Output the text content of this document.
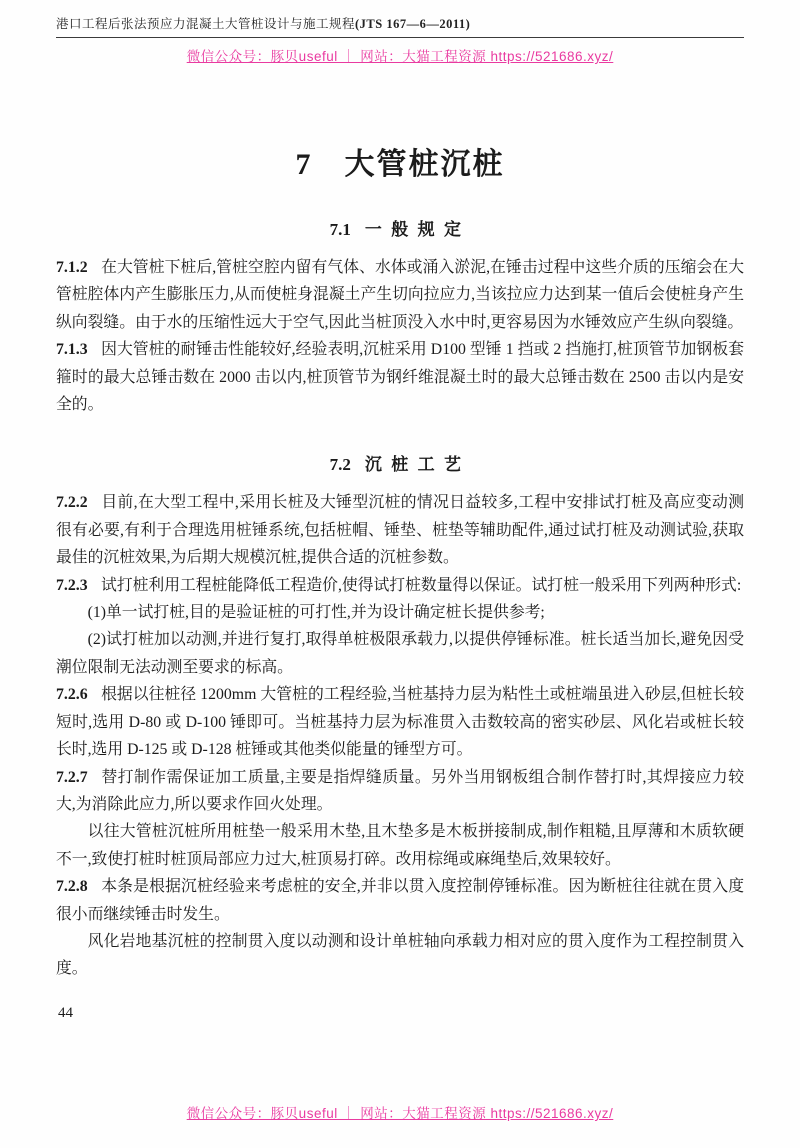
港口工程后张法预应力混凝土大管桩设计与施工规程(JTS 167—6—2011)
微信公众号：豚贝useful ｜ 网站：大猫工程资源 https://521686.xyz/
7　大管桩沉桩
7.1 一般规定

7.1.2 在大管桩下桩后,管桩空腔内留有气体、水体或涌入淤泥,在锤击过程中这些介质的压缩会在大管桩腔体内产生膨胀压力,从而使桩身混凝土产生切向拉应力,当该拉应力达到某一值后会使桩身产生纵向裂缝。由于水的压缩性远大于空气,因此当桩顶没入水中时,更容易因为水锤效应产生纵向裂缝。

7.1.3 因大管桩的耐锤击性能较好,经验表明,沉桩采用 D100 型锤 1 挡或 2 挡施打,桩顶管节加钢板套箍时的最大总锤击数在 2000 击以内,桩顶管节为钢纤维混凝土时的最大总锤击数在 2500 击以内是安全的。

7.2 沉桩工艺

7.2.2 目前,在大型工程中,采用长桩及大锤型沉桩的情况日益较多,工程中安排试打桩及高应变动测很有必要,有利于合理选用桩锤系统,包括桩帽、锤垫、桩垫等辅助配件,通过试打桩及动测试验,获取最佳的沉桩效果,为后期大规模沉桩,提供合适的沉桩参数。

7.2.3 试打桩利用工程桩能降低工程造价,使得试打桩数量得以保证。试打桩一般采用下列两种形式:

(1)单一试打桩,目的是验证桩的可打性,并为设计确定桩长提供参考;

(2)试打桩加以动测,并进行复打,取得单桩极限承载力,以提供停锤标准。桩长适当加长,避免因受潮位限制无法动测至要求的标高。

7.2.6 根据以往桩径 1200mm 大管桩的工程经验,当桩基持力层为粘性土或桩端虽进入砂层,但桩长较短时,选用 D-80 或 D-100 锤即可。当桩基持力层为标准贯入击数较高的密实砂层、风化岩或桩长较长时,选用 D-125 或 D-128 桩锤或其他类似能量的锤型方可。

7.2.7 替打制作需保证加工质量,主要是指焊缝质量。另外当用钢板组合制作替打时,其焊接应力较大,为消除此应力,所以要求作回火处理。

以往大管桩沉桩所用桩垫一般采用木垫,且木垫多是木板拼接制成,制作粗糙,且厚薄和木质软硬不一,致使打桩时桩顶局部应力过大,桩顶易打碎。改用棕绳或麻绳垫后,效果较好。

7.2.8 本条是根据沉桩经验来考虑桩的安全,并非以贯入度控制停锤标准。因为断桩往往就在贯入度很小而继续锤击时发生。

风化岩地基沉桩的控制贯入度以动测和设计单桩轴向承载力相对应的贯入度作为工程控制贯入度。

44
微信公众号：豚贝useful ｜ 网站：大猫工程资源 https://521686.xyz/
